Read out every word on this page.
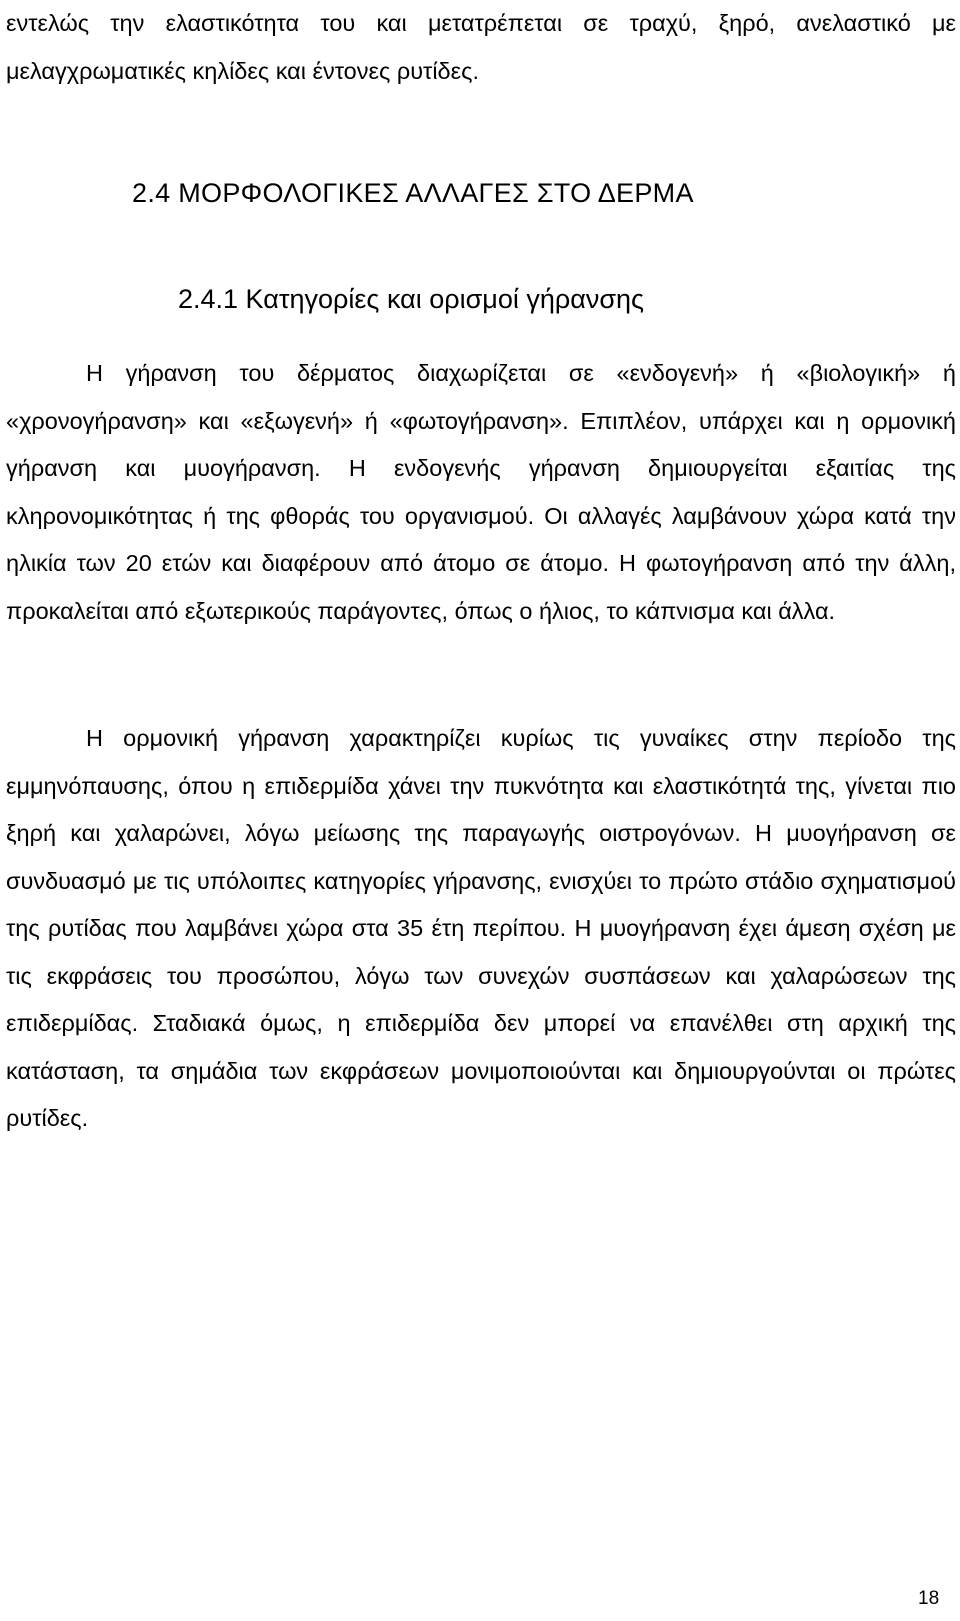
εντελώς την ελαστικότητα του και μετατρέπεται σε τραχύ, ξηρό, ανελαστικό με μελαγχρωματικές κηλίδες και έντονες ρυτίδες.

2.4 ΜΟΡΦΟΛΟΓΙΚΕΣ ΑΛΛΑΓΕΣ ΣΤΟ ΔΕΡΜΑ
2.4.1 Κατηγορίες και ορισμοί γήρανσης

Η γήρανση του δέρματος διαχωρίζεται σε «ενδογενή» ή «βιολογική» ή «χρονογήρανση» και «εξωγενή» ή «φωτογήρανση». Επιπλέον, υπάρχει και η ορμονική γήρανση και μυογήρανση. Η ενδογενής γήρανση δημιουργείται εξαιτίας της κληρονομικότητας ή της φθοράς του οργανισμού. Οι αλλαγές λαμβάνουν χώρα κατά την ηλικία των 20 ετών και διαφέρουν από άτομο σε άτομο. Η φωτογήρανση από την άλλη, προκαλείται από εξωτερικούς παράγοντες, όπως ο ήλιος, το κάπνισμα και άλλα.

Η ορμονική γήρανση χαρακτηρίζει κυρίως τις γυναίκες στην περίοδο της εμμηνόπαυσης, όπου η επιδερμίδα χάνει την πυκνότητα και ελαστικότητά της, γίνεται πιο ξηρή και χαλαρώνει, λόγω μείωσης της παραγωγής οιστρογόνων. Η μυογήρανση σε συνδυασμό με τις υπόλοιπες κατηγορίες γήρανσης, ενισχύει το πρώτο στάδιο σχηματισμού της ρυτίδας που λαμβάνει χώρα στα 35 έτη περίπου. Η μυογήρανση έχει άμεση σχέση με τις εκφράσεις του προσώπου, λόγω των συνεχών συσπάσεων και χαλαρώσεων της επιδερμίδας. Σταδιακά όμως, η επιδερμίδα δεν μπορεί να επανέλθει στη αρχική της κατάσταση, τα σημάδια των εκφράσεων μονιμοποιούνται και δημιουργούνται οι πρώτες ρυτίδες.

18
